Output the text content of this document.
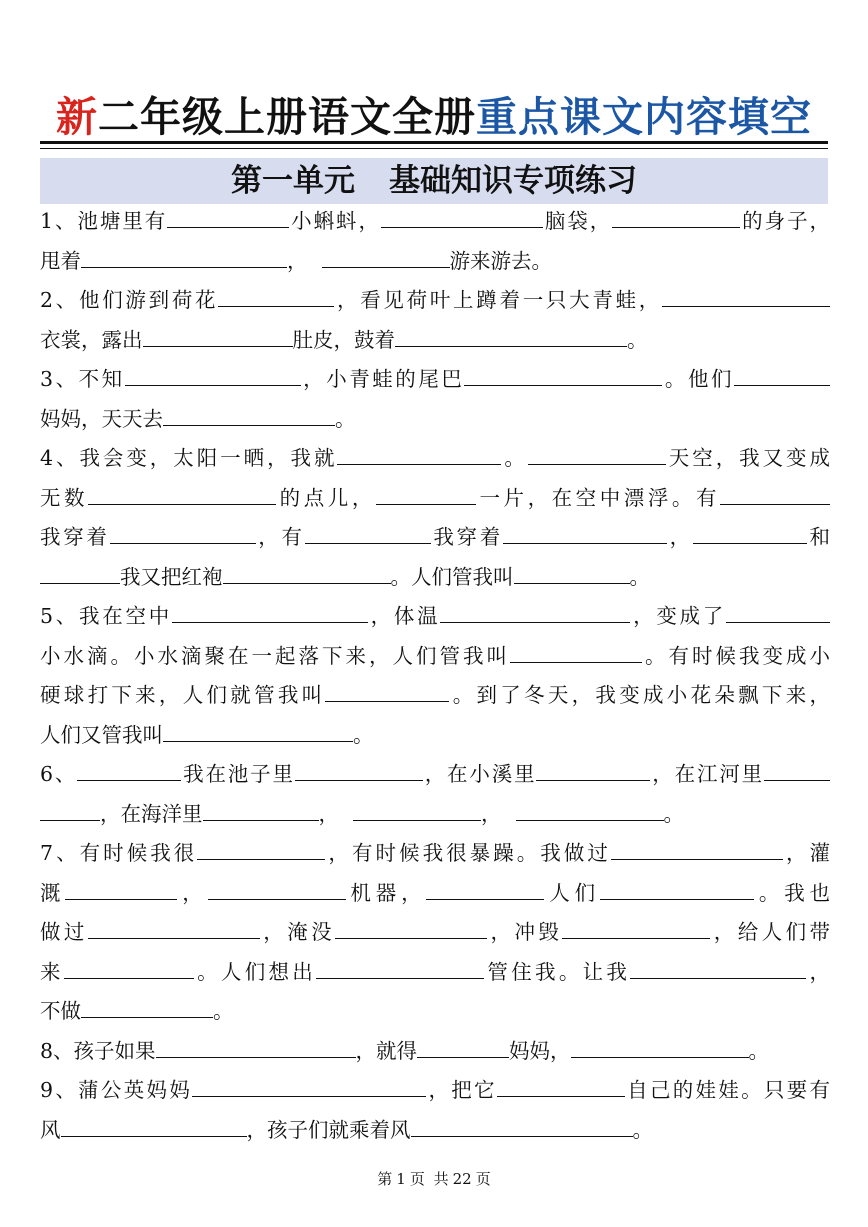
新二年级上册语文全册重点课文内容填空
第一单元 基础知识专项练习
1、池塘里有	小蝌蚪，	脑袋，	的身子，
甩着	，	游来游去。
2、他们游到荷花	，看见荷叶上蹲着一只大青蛙，
衣裳，露出	肚皮，鼓着	。
3、不知	，小青蛙的尾巴	。他们
妈妈，天天去	。
4、我会变，太阳一晒，我就	。	天空，我又变成
无数	的点儿，	一片，在空中漂浮。有
我穿着	，有	我穿着	，	和
我又把红袍	。人们管我叫	。
5、我在空中	，体温	，变成了
小水滴。小水滴聚在一起落下来，人们管我叫	。有时候我变成小
硬球打下来，人们就管我叫	。到了冬天，我变成小花朵飘下来，
人们又管我叫	。
6、	我在池子里	，在小溪里	，在江河里
，在海洋里	，	，	。
7、有时候我很	，有时候我很暴躁。我做过	，灌
溉	，	机器，	人们	。我也
做过	，淹没	，冲毁	，给人们带
来	。人们想出	管住我。让我	，
不做	。
8、孩子如果	，就得	妈妈，	。
9、蒲公英妈妈	，把它	自己的娃娃。只要有
风	，孩子们就乘着风	。
第 1 页 共 22 页
